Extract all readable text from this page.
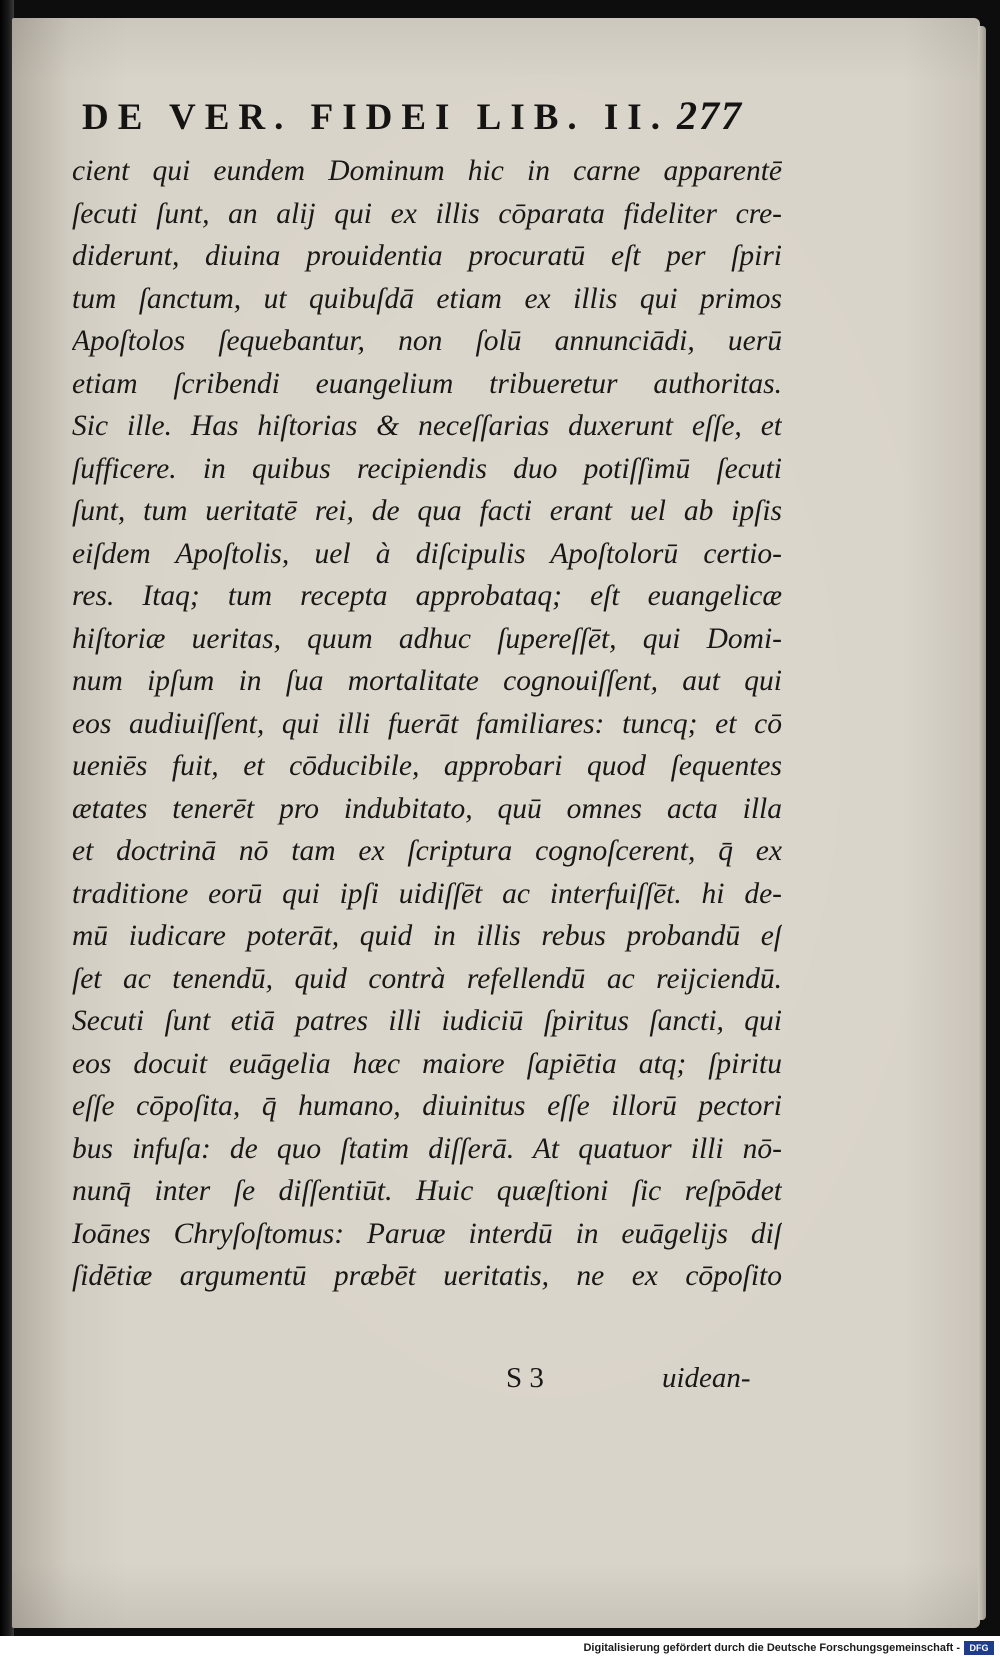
DE VER. FIDEI LIB. II. 277
cient qui eundem Dominum hic in carne apparentē
ſecuti ſunt, an alij qui ex illis cōparata fideliter cre-
diderunt, diuina prouidentia procuratū eſt per ſpiri
tum ſanctum, ut quibuſdā etiam ex illis qui primos
Apoſtolos ſequebantur, non ſolū annunciādi, uerū
etiam ſcribendi euangelium tribueretur authoritas.
Sic ille. Has hiſtorias & neceſſarias duxerunt eſſe, et
ſufficere. in quibus recipiendis duo potiſſimū ſecuti
ſunt, tum ueritatē rei, de qua facti erant uel ab ipſis
eiſdem Apoſtolis, uel à diſcipulis Apoſtolorū certio-
res. Itaq; tum recepta approbataq; eſt euangelicæ
hiſtoriæ ueritas, quum adhuc ſupereſſēt, qui Domi-
num ipſum in ſua mortalitate cognouiſſent, aut qui
eos audiuiſſent, qui illi fuerāt familiares: tuncq; et cō
ueniēs fuit, et cōducibile, approbari quod ſequentes
ætates tenerēt pro indubitato, quū omnes acta illa
et doctrinā nō tam ex ſcriptura cognoſcerent, q̄ ex
traditione eorū qui ipſi uidiſſēt ac interfuiſſēt. hi de-
mū iudicare poterāt, quid in illis rebus probandū eſ
ſet ac tenendū, quid contrà refellendū ac reijciendū.
Secuti ſunt etiā patres illi iudiciū ſpiritus ſancti, qui
eos docuit euāgelia hæc maiore ſapiētia atq; ſpiritu
eſſe cōpoſita, q̄ humano, diuinitus eſſe illorū pectori
bus infuſa: de quo ſtatim diſſerā. At quatuor illi nō-
nunq̄ inter ſe diſſentiūt. Huic quæſtioni ſic reſpōdet
Ioānes Chryſoſtomus: Paruæ interdū in euāgelijs diſ
ſidētiæ argumentū præbēt ueritatis, ne ex cōpoſito
S 3	uidean-
Digitalisierung gefördert durch die Deutsche Forschungsgemeinschaft -	DFG
